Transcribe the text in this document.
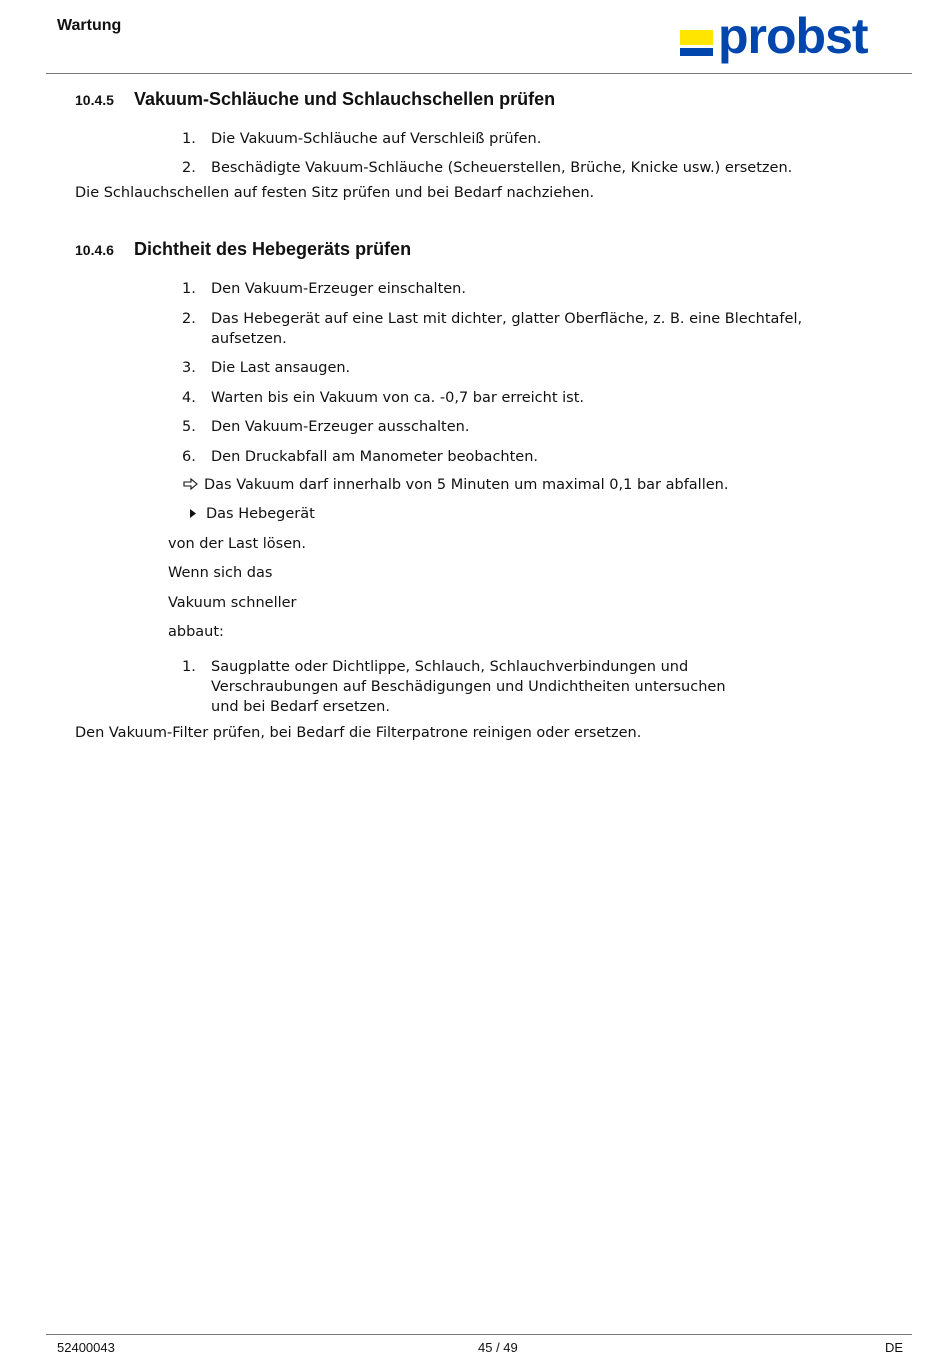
Wartung	probst
10.4.5 Vakuum-Schläuche und Schlauchschellen prüfen
1. Die Vakuum-Schläuche auf Verschleiß prüfen.
2. Beschädigte Vakuum-Schläuche (Scheuerstellen, Brüche, Knicke usw.) ersetzen.
Die Schlauchschellen auf festen Sitz prüfen und bei Bedarf nachziehen.
10.4.6 Dichtheit des Hebegeräts prüfen
1. Den Vakuum-Erzeuger einschalten.
2. Das Hebegerät auf eine Last mit dichter, glatter Oberfläche, z. B. eine Blechtafel,
aufsetzen.
3. Die Last ansaugen.
4. Warten bis ein Vakuum von ca. -0,7 bar erreicht ist.
5. Den Vakuum-Erzeuger ausschalten.
6. Den Druckabfall am Manometer beobachten.
Das Vakuum darf innerhalb von 5 Minuten um maximal 0,1 bar abfallen.
Das Hebegerät
von der Last lösen.
Wenn sich das
Vakuum schneller
abbaut:
1. Saugplatte oder Dichtlippe, Schlauch, Schlauchverbindungen und
Verschraubungen auf Beschädigungen und Undichtheiten untersuchen
und bei Bedarf ersetzen.
Den Vakuum-Filter prüfen, bei Bedarf die Filterpatrone reinigen oder ersetzen.
52400043	45 / 49	DE
